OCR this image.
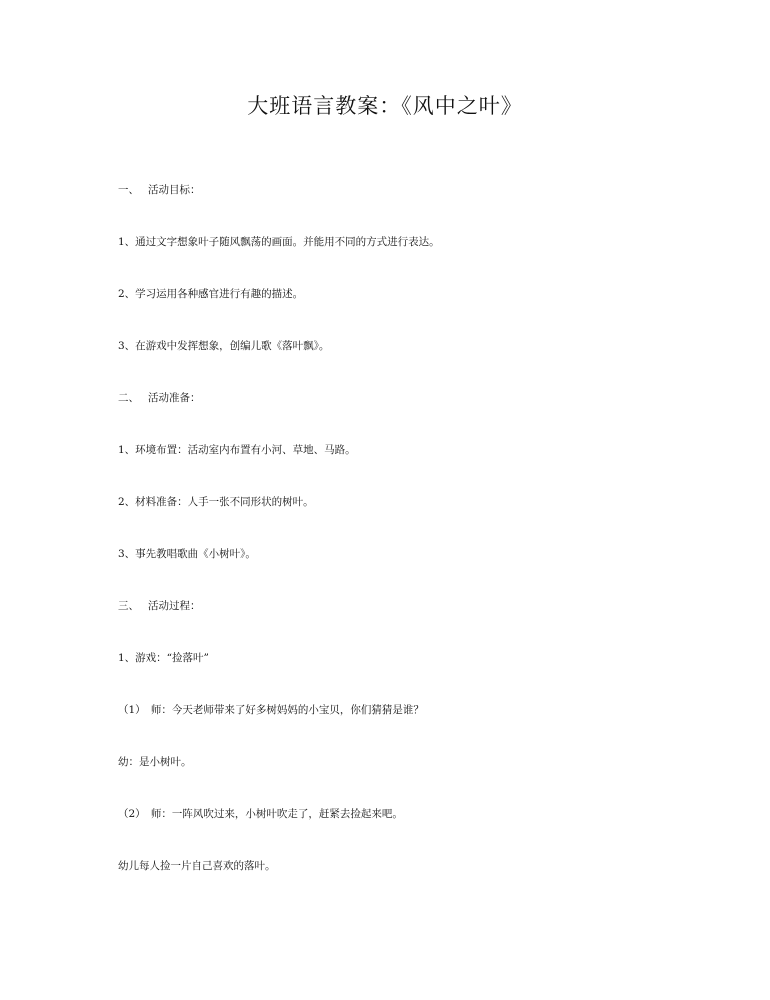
大班语言教案：《风中之叶》
一、 活动目标：
1、通过文字想象叶子随风飘荡的画面。并能用不同的方式进行表达。
2、学习运用各种感官进行有趣的描述。
3、在游戏中发挥想象，创编儿歌《落叶飘》。
二、 活动准备：
1、环境布置：活动室内布置有小河、草地、马路。
2、材料准备：人手一张不同形状的树叶。
3、事先教唱歌曲《小树叶》。
三、 活动过程：
1、游戏：“捡落叶”
（1）　师：今天老师带来了好多树妈妈的小宝贝，你们猜猜是谁？
幼：是小树叶。
（2）　师：一阵风吹过来，小树叶吹走了，赶紧去捡起来吧。
幼儿每人捡一片自己喜欢的落叶。
